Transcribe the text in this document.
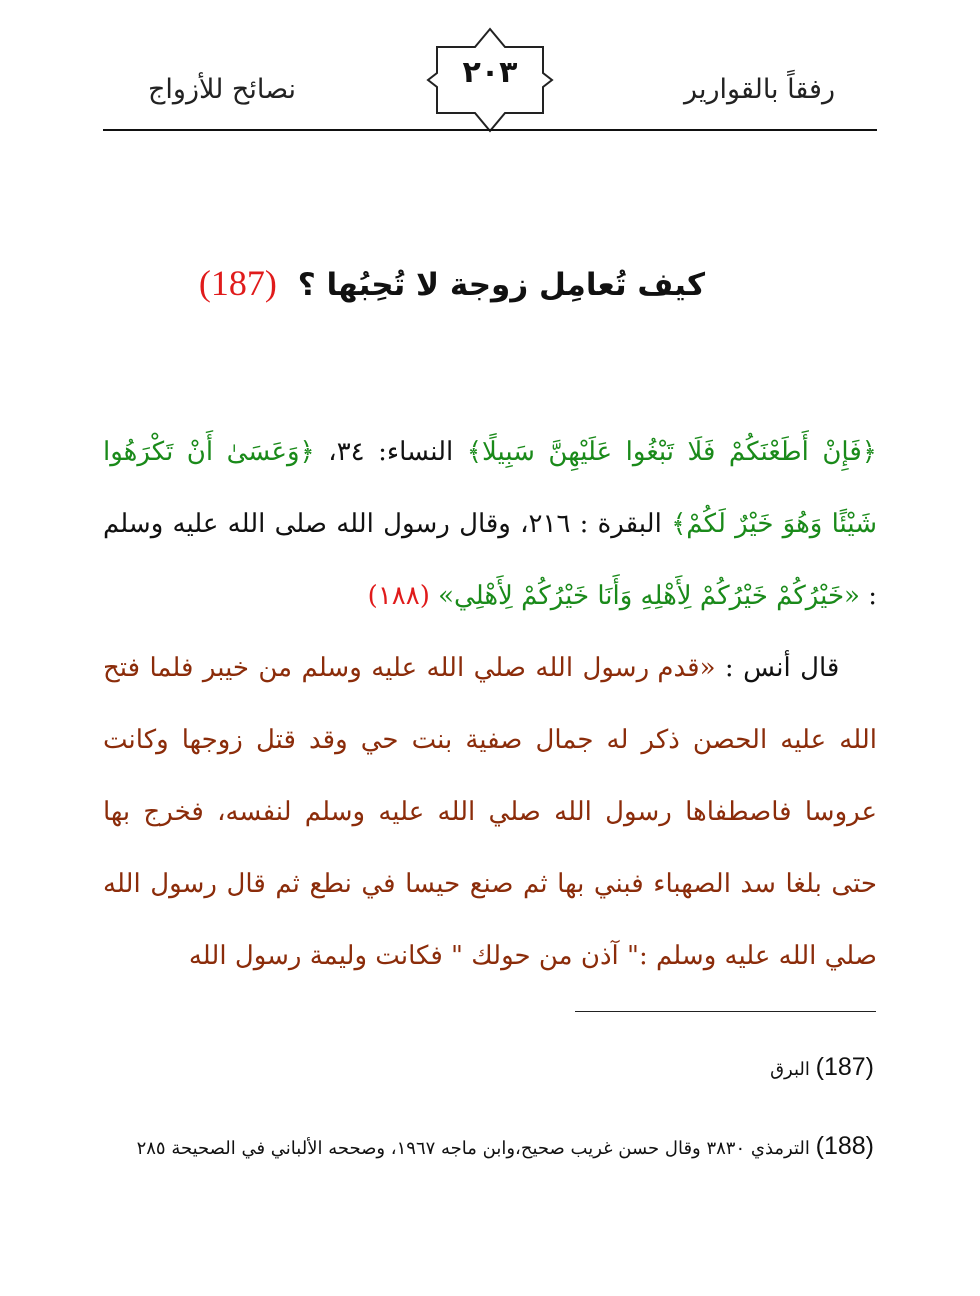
رفقاً بالقوارير
٢٠٣
نصائح للأزواج
كيف تُعامِل زوجة لا تُحِبُها ؟ (187)
﴿فَإِنْ أَطَعْنَكُمْ فَلَا تَبْغُوا عَلَيْهِنَّ سَبِيلًا﴾ النساء: ٣٤، ﴿وَعَسَىٰ أَنْ تَكْرَهُوا شَيْئًا وَهُوَ خَيْرٌ لَكُمْ﴾ البقرة : ٢١٦، وقال رسول الله صلى الله عليه وسلم : «خَيْرُكُمْ خَيْرُكُمْ لِأَهْلِهِ وَأَنَا خَيْرُكُمْ لِأَهْلِي» (١٨٨)
قال أنس : «قدم رسول الله صلي الله عليه وسلم من خيبر فلما فتح الله عليه الحصن ذكر له جمال صفية بنت حي وقد قتل زوجها وكانت عروسا فاصطفاها رسول الله صلي الله عليه وسلم لنفسه، فخرج بها حتى بلغا سد الصهباء فبني بها ثم صنع حيسا في نطع ثم قال رسول الله صلي الله عليه وسلم :" آذن من حولك " فكانت وليمة رسول الله
(187) البرق
(188) الترمذي ٣٨٣٠ وقال حسن غريب صحيح،وابن ماجه ١٩٦٧، وصححه الألباني في الصحيحة ٢٨٥
